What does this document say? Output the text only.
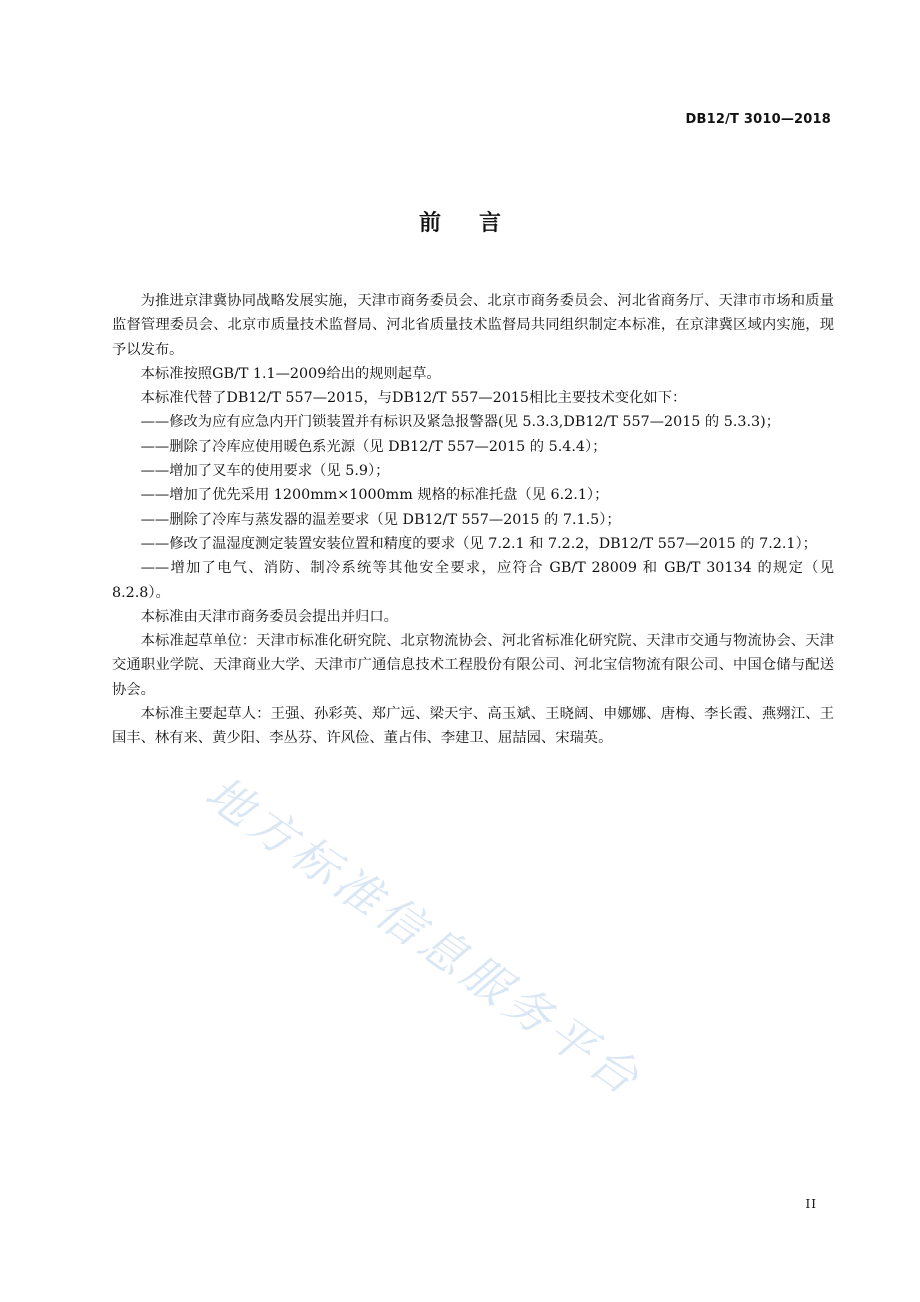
DB12/T 3010—2018
前言

为推进京津冀协同战略发展实施，天津市商务委员会、北京市商务委员会、河北省商务厅、天津市市场和质量监督管理委员会、北京市质量技术监督局、河北省质量技术监督局共同组织制定本标准，在京津冀区域内实施，现予以发布。

本标准按照GB/T 1.1—2009给出的规则起草。

本标准代替了DB12/T 557—2015，与DB12/T 557—2015相比主要技术变化如下：

——修改为应有应急内开门锁装置并有标识及紧急报警器(见 5.3.3,DB12/T 557—2015 的 5.3.3)；

——删除了冷库应使用暖色系光源（见 DB12/T 557—2015 的 5.4.4）；

——增加了叉车的使用要求（见 5.9）；

——增加了优先采用 1200mm×1000mm 规格的标准托盘（见 6.2.1）；

——删除了冷库与蒸发器的温差要求（见 DB12/T 557—2015 的 7.1.5）；

——修改了温湿度测定装置安装位置和精度的要求（见 7.2.1 和 7.2.2，DB12/T 557—2015 的 7.2.1）；

——增加了电气、消防、制冷系统等其他安全要求，应符合 GB/T 28009 和 GB/T 30134 的规定（见 8.2.8）。

本标准由天津市商务委员会提出并归口。

本标准起草单位：天津市标准化研究院、北京物流协会、河北省标准化研究院、天津市交通与物流协会、天津交通职业学院、天津商业大学、天津市广通信息技术工程股份有限公司、河北宝信物流有限公司、中国仓储与配送协会。

本标准主要起草人：王强、孙彩英、郑广远、梁天宇、高玉斌、王晓阔、申娜娜、唐梅、李长霞、燕翙江、王国丰、林有来、黄少阳、李丛芬、许风俭、董占伟、李建卫、屈喆园、宋瑞英。

地方标准信息服务平台
II
